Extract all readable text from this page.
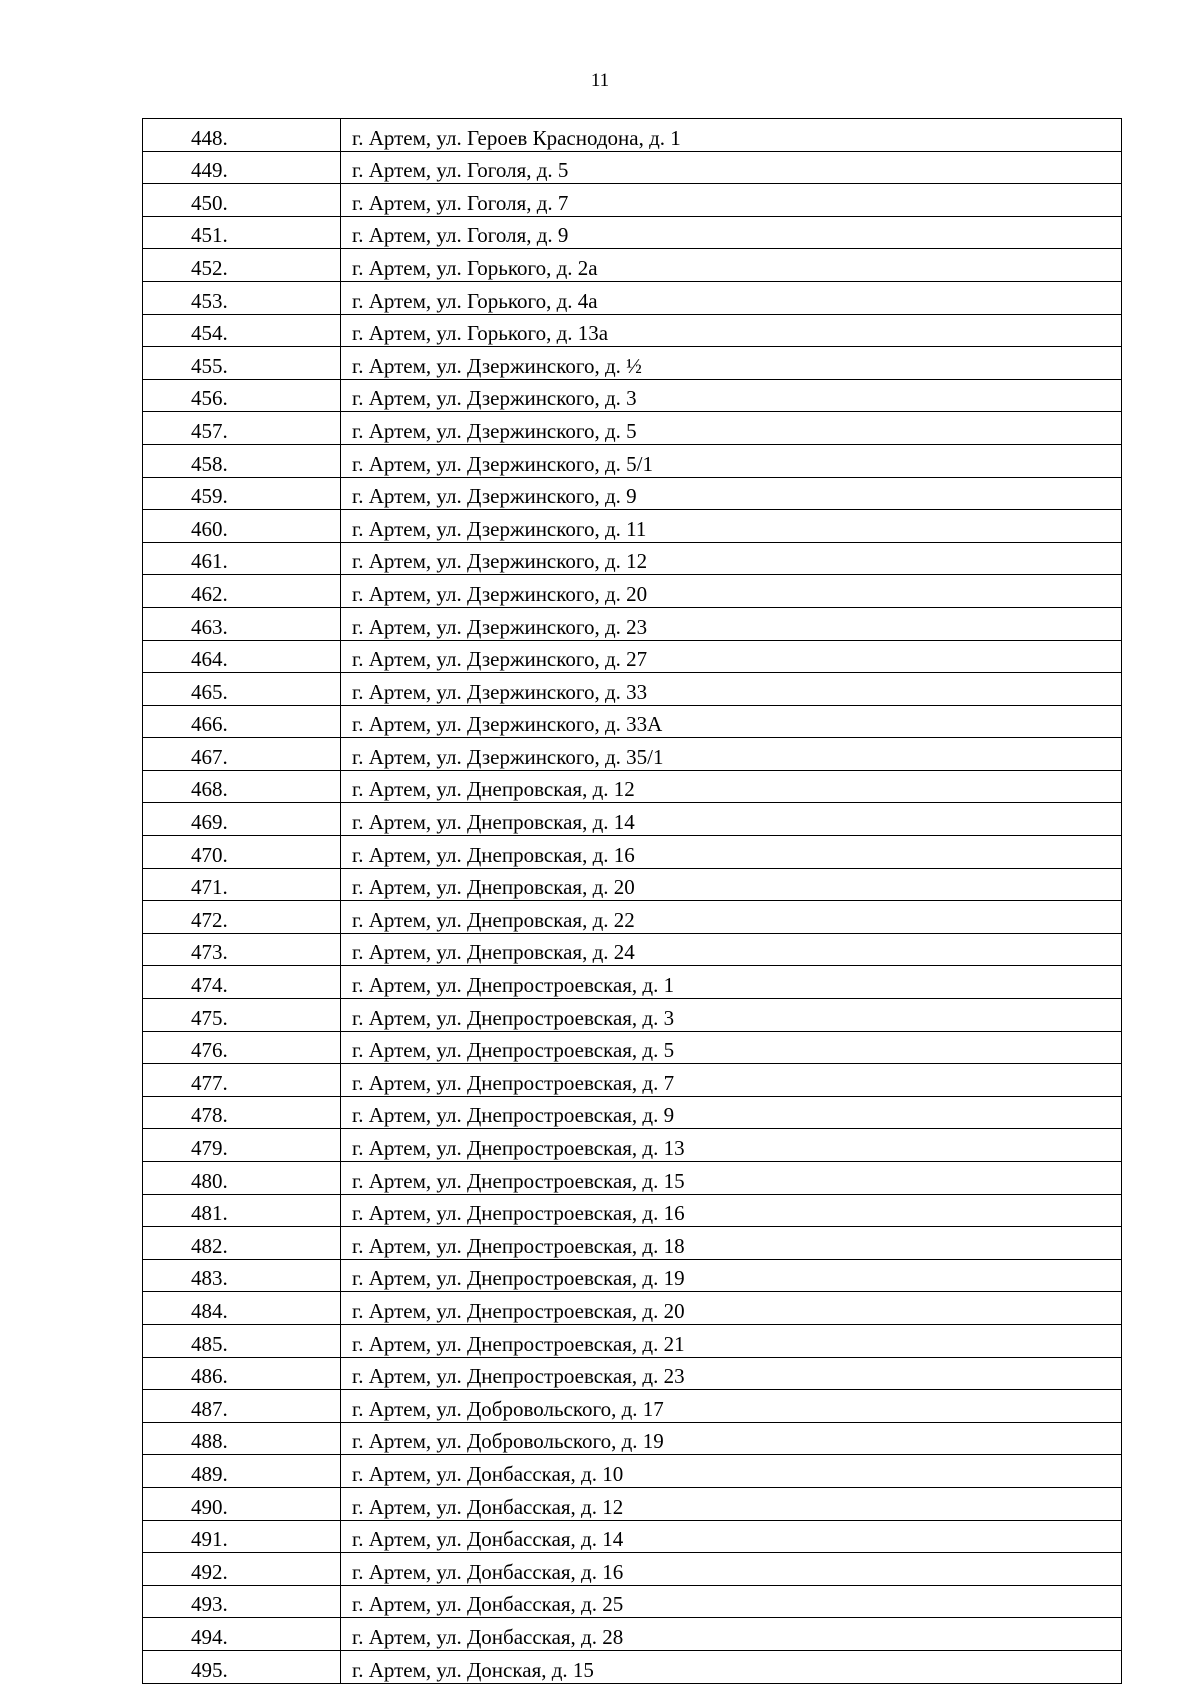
11
448.	г. Артем, ул. Героев Краснодона, д. 1
449.	г. Артем, ул. Гоголя, д. 5
450.	г. Артем, ул. Гоголя, д. 7
451.	г. Артем, ул. Гоголя, д. 9
452.	г. Артем, ул. Горького, д. 2а
453.	г. Артем, ул. Горького, д. 4а
454.	г. Артем, ул. Горького, д. 13а
455.	г. Артем, ул. Дзержинского, д. ½
456.	г. Артем, ул. Дзержинского, д. 3
457.	г. Артем, ул. Дзержинского, д. 5
458.	г. Артем, ул. Дзержинского, д. 5/1
459.	г. Артем, ул. Дзержинского, д. 9
460.	г. Артем, ул. Дзержинского, д. 11
461.	г. Артем, ул. Дзержинского, д. 12
462.	г. Артем, ул. Дзержинского, д. 20
463.	г. Артем, ул. Дзержинского, д. 23
464.	г. Артем, ул. Дзержинского, д. 27
465.	г. Артем, ул. Дзержинского, д. 33
466.	г. Артем, ул. Дзержинского, д. 33А
467.	г. Артем, ул. Дзержинского, д. 35/1
468.	г. Артем, ул. Днепровская, д. 12
469.	г. Артем, ул. Днепровская, д. 14
470.	г. Артем, ул. Днепровская, д. 16
471.	г. Артем, ул. Днепровская, д. 20
472.	г. Артем, ул. Днепровская, д. 22
473.	г. Артем, ул. Днепровская, д. 24
474.	г. Артем, ул. Днепростроевская, д. 1
475.	г. Артем, ул. Днепростроевская, д. 3
476.	г. Артем, ул. Днепростроевская, д. 5
477.	г. Артем, ул. Днепростроевская, д. 7
478.	г. Артем, ул. Днепростроевская, д. 9
479.	г. Артем, ул. Днепростроевская, д. 13
480.	г. Артем, ул. Днепростроевская, д. 15
481.	г. Артем, ул. Днепростроевская, д. 16
482.	г. Артем, ул. Днепростроевская, д. 18
483.	г. Артем, ул. Днепростроевская, д. 19
484.	г. Артем, ул. Днепростроевская, д. 20
485.	г. Артем, ул. Днепростроевская, д. 21
486.	г. Артем, ул. Днепростроевская, д. 23
487.	г. Артем, ул. Добровольского, д. 17
488.	г. Артем, ул. Добровольского, д. 19
489.	г. Артем, ул. Донбасская, д. 10
490.	г. Артем, ул. Донбасская, д. 12
491.	г. Артем, ул. Донбасская, д. 14
492.	г. Артем, ул. Донбасская, д. 16
493.	г. Артем, ул. Донбасская, д. 25
494.	г. Артем, ул. Донбасская, д. 28
495.	г. Артем, ул. Донская, д. 15
